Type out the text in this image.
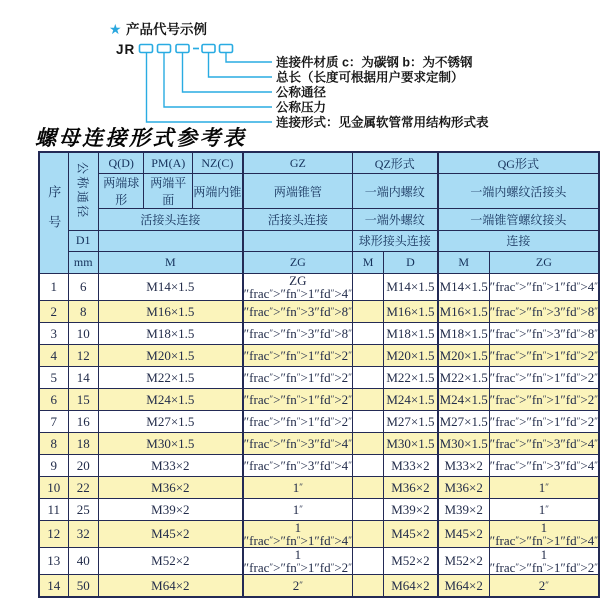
★ 产品代号示例
JR
连接件材质 c：为碳钢 b：为不锈钢
总长（长度可根据用户要求定制）
公称通径
公称压力
连接形式：见金属软管常用结构形式表
螺母连接形式参考表
序号	公称通径	Q(D)	PM(A)	NZ(C)	GZ	QZ形式		QG形式	
		两端球形	两端平面	两端内锥	两端锥管	一端内螺纹		一端内螺纹活接头	
		活接头连接			活接头连接	一端外螺纹		一端锥管螺纹接头	
	D1					球形接头连接		连接	
	mm	M			ZG	M	D	M	ZG
1	6	M14×1.5			ZG ″frac″>″fn″>1″fd″>4″		M14×1.5	M14×1.5	″frac″>″fn″>1″fd″>4″
2	8	M16×1.5			″frac″>″fn″>3″fd″>8″		M16×1.5	M16×1.5	″frac″>″fn″>3″fd″>8″
3	10	M18×1.5			″frac″>″fn″>3″fd″>8″		M18×1.5	M18×1.5	″frac″>″fn″>3″fd″>8″
4	12	M20×1.5			″frac″>″fn″>1″fd″>2″		M20×1.5	M20×1.5	″frac″>″fn″>1″fd″>2″
5	14	M22×1.5			″frac″>″fn″>1″fd″>2″		M22×1.5	M22×1.5	″frac″>″fn″>1″fd″>2″
6	15	M24×1.5			″frac″>″fn″>1″fd″>2″		M24×1.5	M24×1.5	″frac″>″fn″>1″fd″>2″
7	16	M27×1.5			″frac″>″fn″>1″fd″>2″		M27×1.5	M27×1.5	″frac″>″fn″>1″fd″>2″
8	18	M30×1.5			″frac″>″fn″>3″fd″>4″		M30×1.5	M30×1.5	″frac″>″fn″>3″fd″>4″
9	20	M33×2			″frac″>″fn″>3″fd″>4″		M33×2	M33×2	″frac″>″fn″>3″fd″>4″
10	22	M36×2			1″		M36×2	M36×2	1″
11	25	M39×2			1″		M39×2	M39×2	1″
12	32	M45×2			1 ″frac″>″fn″>1″fd″>4″		M45×2	M45×2	1 ″frac″>″fn″>1″fd″>4″
13	40	M52×2			1 ″frac″>″fn″>1″fd″>2″		M52×2	M52×2	1 ″frac″>″fn″>1″fd″>2″
14	50	M64×2			2″		M64×2	M64×2	2″
